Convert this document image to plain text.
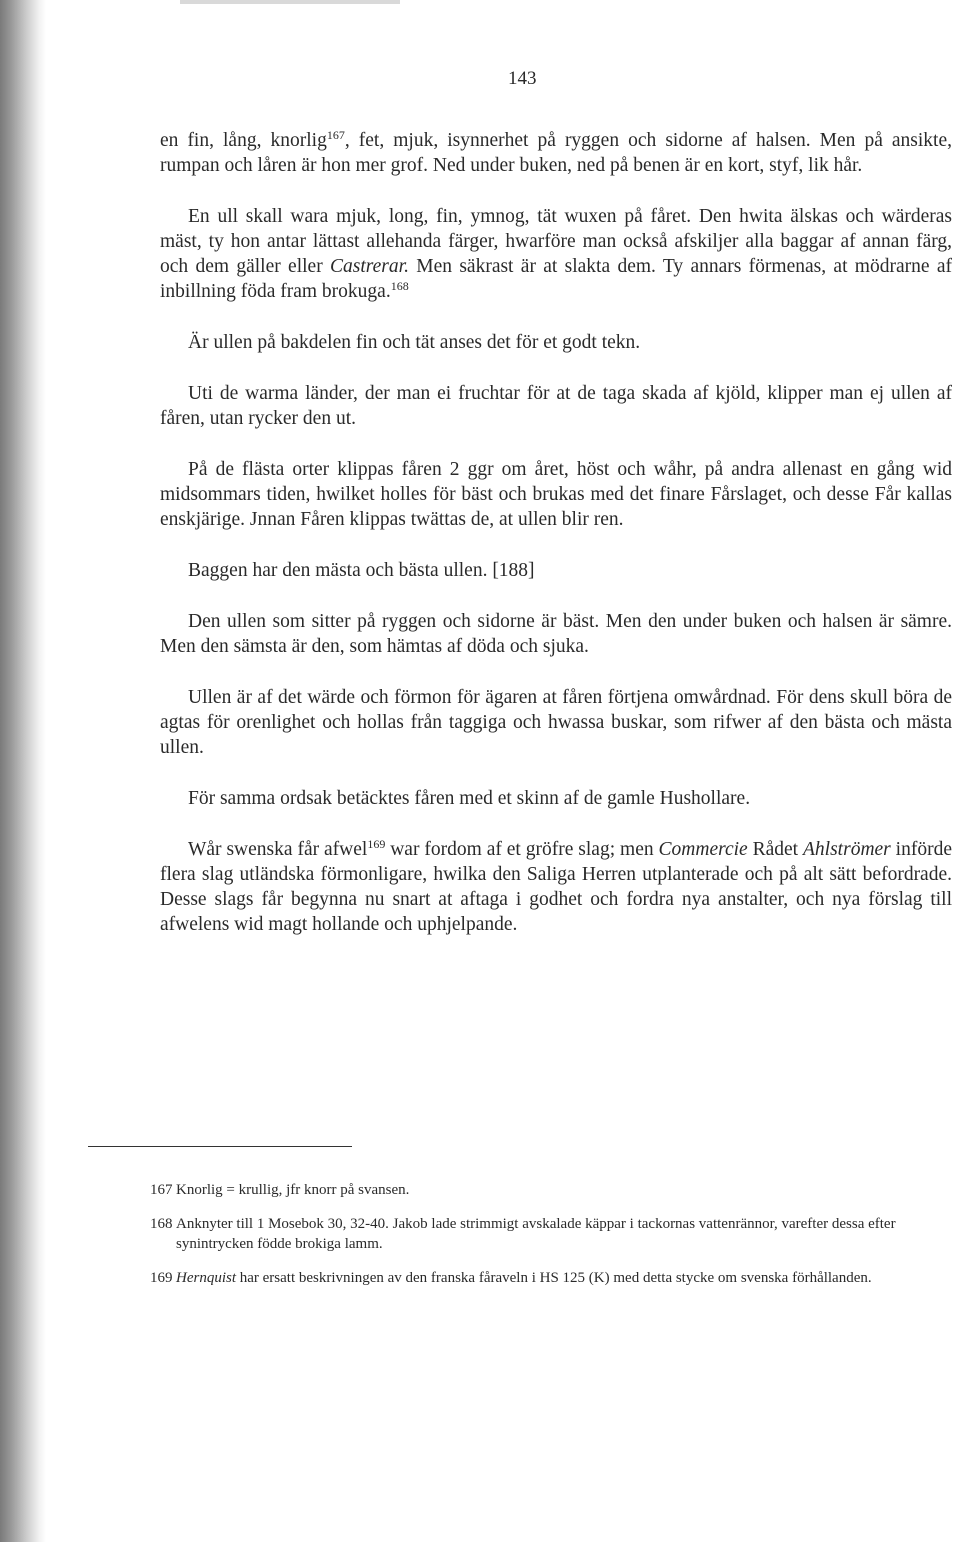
143

en fin, lång, knorlig$^{167}$, fet, mjuk, isynnerhet på ryggen och sidorne af halsen. Men på ansikte, rumpan och låren är hon mer grof. Ned under buken, ned på benen är en kort, styf, lik hår.

En ull skall wara mjuk, long, fin, ymnog, tät wuxen på fåret. Den hwita älskas och wärderas mäst, ty hon antar lättast allehanda färger, hwarföre man också afskiljer alla baggar af annan färg, och dem gäller eller Castrerar. Men säkrast är at slakta dem. Ty annars förmenas, at mödrarne af inbillning föda fram brokuga.$^{168}$

Är ullen på bakdelen fin och tät anses det för et godt tekn.

Uti de warma länder, der man ei fruchtar för at de taga skada af kjöld, klipper man ej ullen af fåren, utan rycker den ut.

På de flästa orter klippas fåren 2 ggr om året, höst och wåhr, på andra allenast en gång wid midsommars tiden, hwilket holles för bäst och brukas med det finare Fårslaget, och desse Får kallas enskjärige. Jnnan Fåren klippas twättas de, at ullen blir ren.

Baggen har den mästa och bästa ullen. [188]

Den ullen som sitter på ryggen och sidorne är bäst. Men den under buken och halsen är sämre. Men den sämsta är den, som hämtas af döda och sjuka.

Ullen är af det wärde och förmon för ägaren at fåren förtjena omwårdnad. För dens skull böra de agtas för orenlighet och hollas från taggiga och hwassa buskar, som rifwer af den bästa och mästa ullen.

För samma ordsak betäcktes fåren med et skinn af de gamle Hushollare.

Wår swenska får afwel$^{169}$ war fordom af et gröfre slag; men Commercie Rådet Ahlströmer införde flera slag utländska förmonligare, hwilka den Saliga Herren utplanterade och på alt sätt befordrade. Desse slags får begynna nu snart at aftaga i godhet och fordra nya anstalter, och nya förslag till afwelens wid magt hollande och uphjelpande.

167 Knorlig = krullig, jfr knorr på svansen.
168 Anknyter till 1 Mosebok 30, 32-40. Jakob lade strimmigt avskalade käppar i tackornas vattenrännor, varefter dessa efter synintrycken födde brokiga lamm.
169 Hernquist har ersatt beskrivningen av den franska fåraveln i HS 125 (K) med detta stycke om svenska förhållanden.
